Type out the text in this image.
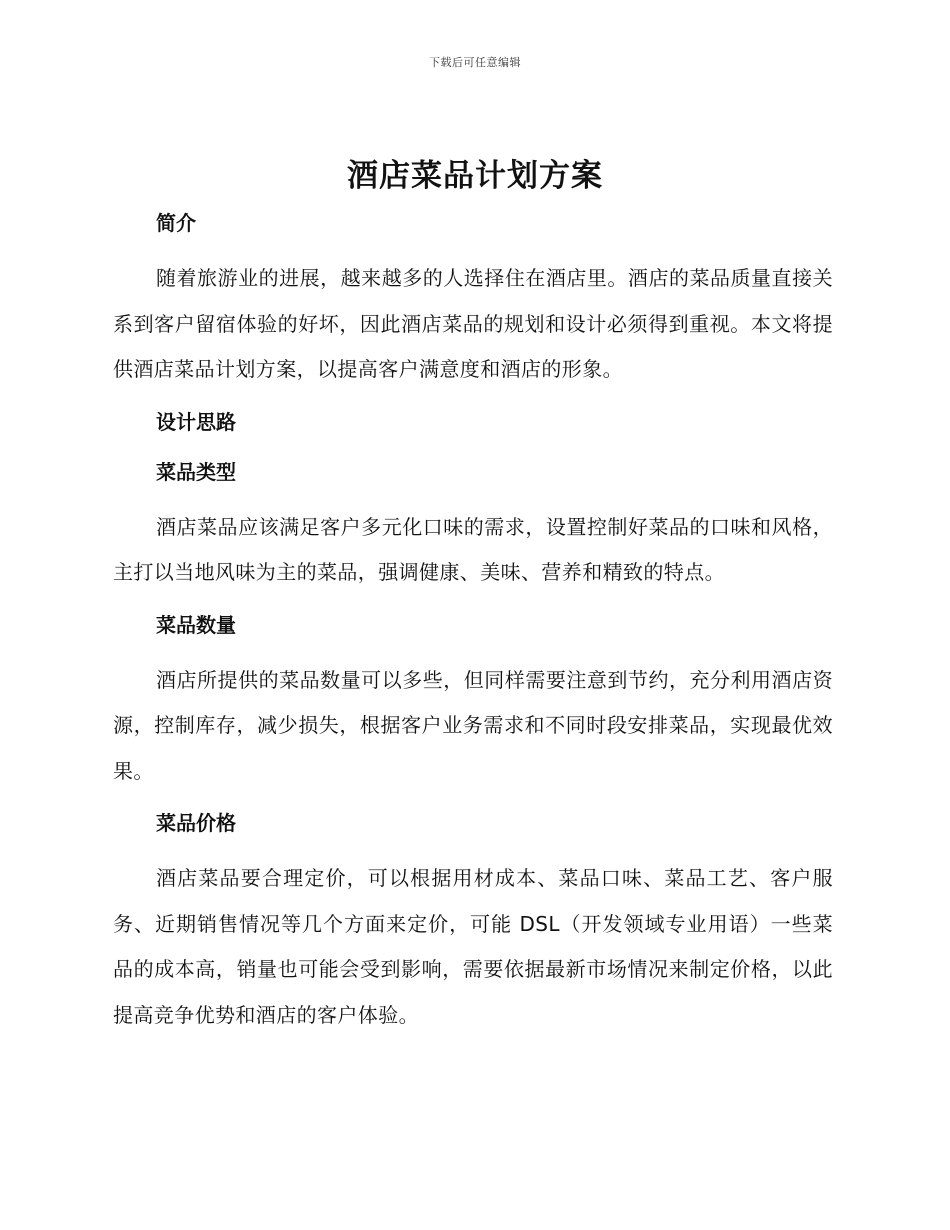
下载后可任意编辑
酒店菜品计划方案
简介

随着旅游业的进展，越来越多的人选择住在酒店里。酒店的菜品质量直接关系到客户留宿体验的好坏，因此酒店菜品的规划和设计必须得到重视。本文将提供酒店菜品计划方案，以提高客户满意度和酒店的形象。

设计思路
菜品类型

酒店菜品应该满足客户多元化口味的需求，设置控制好菜品的口味和风格，主打以当地风味为主的菜品，强调健康、美味、营养和精致的特点。

菜品数量

酒店所提供的菜品数量可以多些，但同样需要注意到节约，充分利用酒店资源，控制库存，减少损失，根据客户业务需求和不同时段安排菜品，实现最优效果。

菜品价格

酒店菜品要合理定价，可以根据用材成本、菜品口味、菜品工艺、客户服务、近期销售情况等几个方面来定价，可能 DSL（开发领域专业用语）一些菜品的成本高，销量也可能会受到影响，需要依据最新市场情况来制定价格，以此提高竞争优势和酒店的客户体验。
